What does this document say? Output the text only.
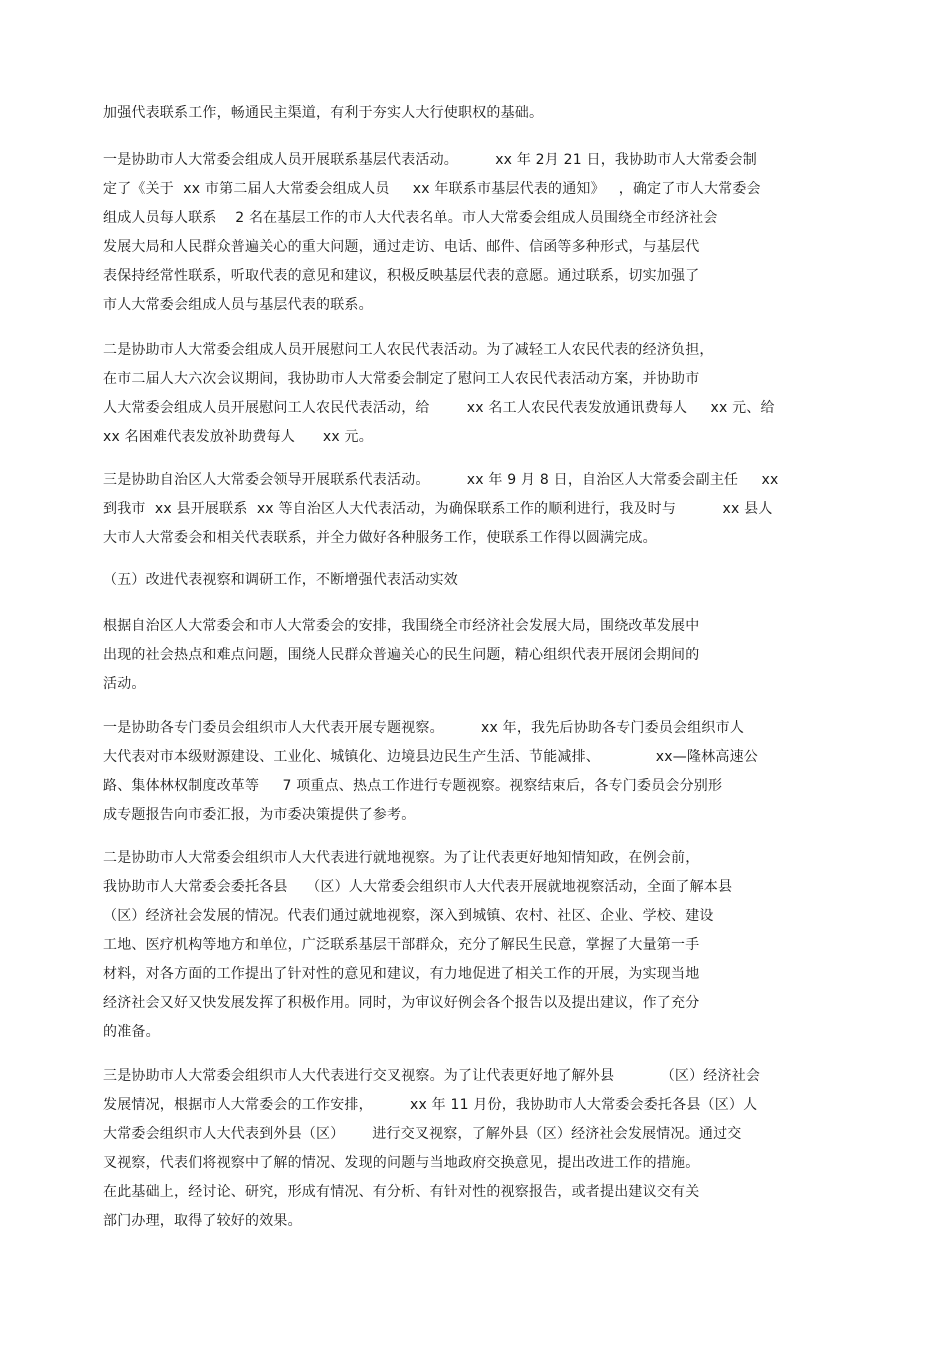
加强代表联系工作，畅通民主渠道，有利于夯实人大行使职权的基础。
一是协助市人大常委会组成人员开展联系基层代表活动。        xx 年 2月 21 日，我协助市人大常委会制
定了《关于  xx 市第二届人大常委会组成人员     xx 年联系市基层代表的通知》   ，确定了市人大常委会
组成人员每人联系    2 名在基层工作的市人大代表名单。市人大常委会组成人员围绕全市经济社会
发展大局和人民群众普遍关心的重大问题，通过走访、电话、邮件、信函等多种形式，与基层代
表保持经常性联系，听取代表的意见和建议，积极反映基层代表的意愿。通过联系，切实加强了
市人大常委会组成人员与基层代表的联系。
二是协助市人大常委会组成人员开展慰问工人农民代表活动。为了减轻工人农民代表的经济负担，
在市二届人大六次会议期间，我协助市人大常委会制定了慰问工人农民代表活动方案，并协助市
人大常委会组成人员开展慰问工人农民代表活动，给        xx 名工人农民代表发放通讯费每人     xx 元、给
xx 名困难代表发放补助费每人      xx 元。
三是协助自治区人大常委会领导开展联系代表活动。        xx 年 9 月 8 日，自治区人大常委会副主任     xx
到我市  xx 县开展联系  xx 等自治区人大代表活动，为确保联系工作的顺利进行，我及时与          xx 县人
大市人大常委会和相关代表联系，并全力做好各种服务工作，使联系工作得以圆满完成。
（五）改进代表视察和调研工作，不断增强代表活动实效
根据自治区人大常委会和市人大常委会的安排，我围绕全市经济社会发展大局，围绕改革发展中
出现的社会热点和难点问题，围绕人民群众普遍关心的民生问题，精心组织代表开展闭会期间的
活动。
一是协助各专门委员会组织市人大代表开展专题视察。        xx 年，我先后协助各专门委员会组织市人
大代表对市本级财源建设、工业化、城镇化、边境县边民生产生活、节能减排、            xx—隆林高速公
路、集体林权制度改革等     7 项重点、热点工作进行专题视察。视察结束后，各专门委员会分别形
成专题报告向市委汇报，为市委决策提供了参考。
二是协助市人大常委会组织市人大代表进行就地视察。为了让代表更好地知情知政，在例会前，
我协助市人大常委会委托各县    （区）人大常委会组织市人大代表开展就地视察活动，全面了解本县
（区）经济社会发展的情况。代表们通过就地视察，深入到城镇、农村、社区、企业、学校、建设
工地、医疗机构等地方和单位，广泛联系基层干部群众，充分了解民生民意，掌握了大量第一手
材料，对各方面的工作提出了针对性的意见和建议，有力地促进了相关工作的开展，为实现当地
经济社会又好又快发展发挥了积极作用。同时，为审议好例会各个报告以及提出建议，作了充分
的准备。
三是协助市人大常委会组织市人大代表进行交叉视察。为了让代表更好地了解外县          （区）经济社会
发展情况，根据市人大常委会的工作安排，        xx 年 11 月份，我协助市人大常委会委托各县（区）人
大常委会组织市人大代表到外县（区）      进行交叉视察，了解外县（区）经济社会发展情况。通过交
叉视察，代表们将视察中了解的情况、发现的问题与当地政府交换意见，提出改进工作的措施。
在此基础上，经讨论、研究，形成有情况、有分析、有针对性的视察报告，或者提出建议交有关
部门办理，取得了较好的效果。
